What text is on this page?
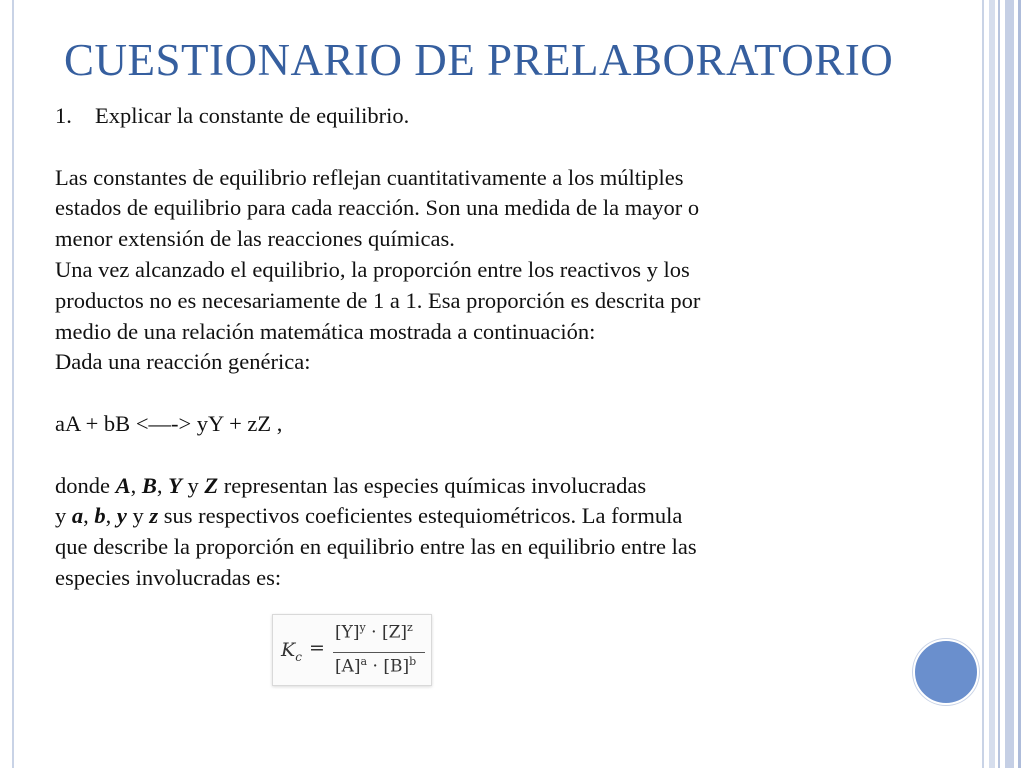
CUESTIONARIO DE PRELABORATORIO
1.	Explicar la constante de equilibrio.
Las constantes de equilibrio reflejan cuantitativamente a los múltiples
estados de equilibrio para cada reacción. Son una medida de la mayor o
menor extensión de las reacciones químicas.
Una vez alcanzado el equilibrio, la proporción entre los reactivos y los
productos no es necesariamente de 1 a 1. Esa proporción es descrita por
medio de una relación matemática mostrada a continuación:
Dada una reacción genérica:
aA + bB <—-> yY + zZ ,
donde A, B, Y y Z representan las especies químicas involucradas
y a, b, y y z sus respectivos coeficientes estequiométricos. La formula
que describe la proporción en equilibrio entre las en equilibrio entre las
especies involucradas es:
$K_c$ =
$[Y]^y \cdot [Z]^z$
$[A]^a \cdot [B]^b$
